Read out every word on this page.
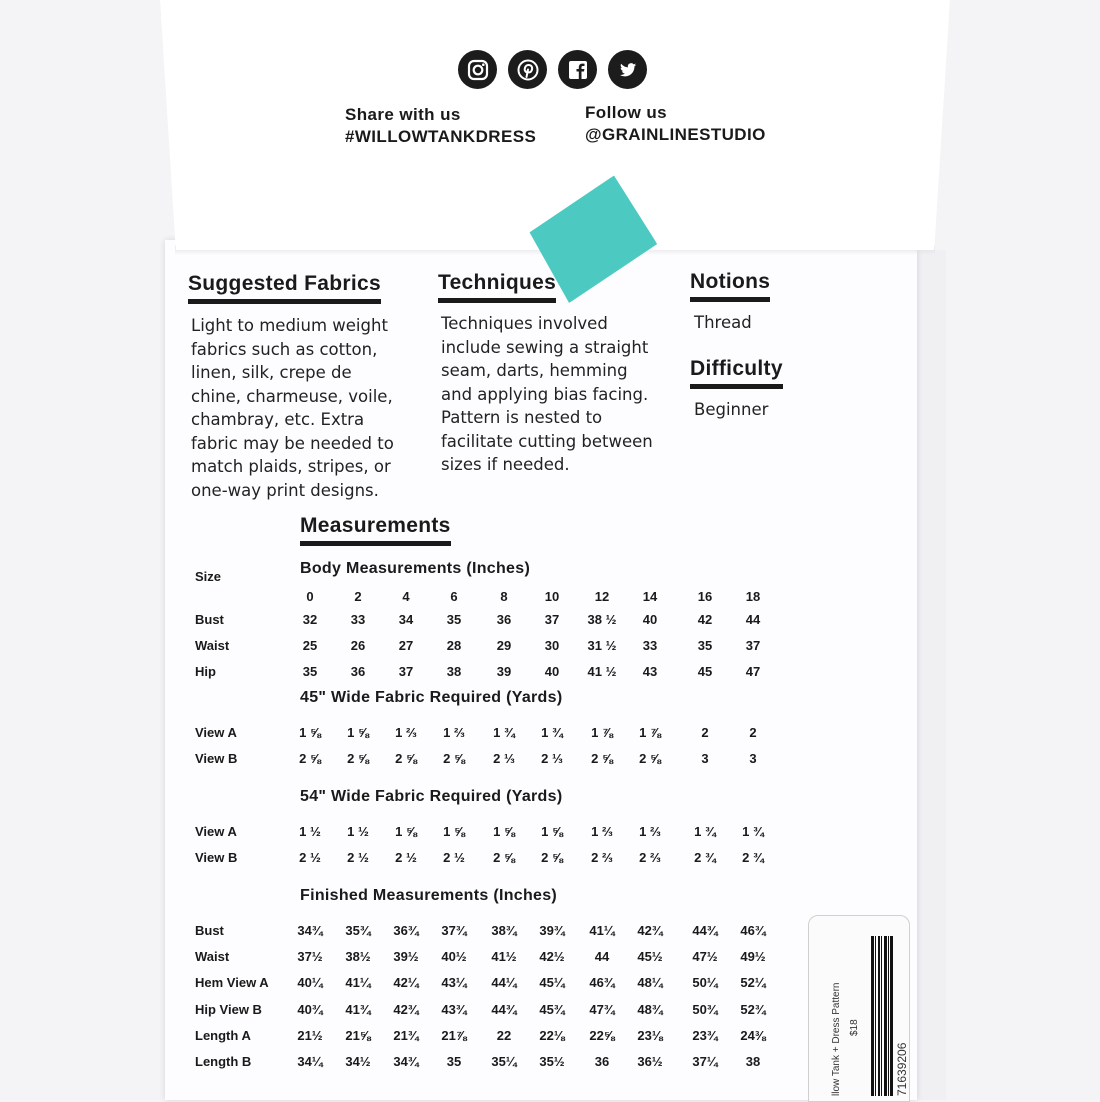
Share with us
#WILLOWTANKDRESS
Follow us
@GRAINLINESTUDIO
Suggested Fabrics
Light to medium weight
fabrics such as cotton,
linen, silk, crepe de
chine, charmeuse, voile,
chambray, etc. Extra
fabric may be needed to
match plaids, stripes, or
one-way print designs.
Techniques
Techniques involved
include sewing a straight
seam, darts, hemming
and applying bias facing.
Pattern is nested to
facilitate cutting between
sizes if needed.
Notions
Thread
Difficulty
Beginner
Measurements
Size	Body Measurements (Inches)
45" Wide Fabric Required (Yards)
54" Wide Fabric Required (Yards)
Finished Measurements (Inches)
0	2	4	6	8	10	12	14	16	18
Bust	32	33	34	35	36	37	38 ½	40	42	44
Waist	25	26	27	28	29	30	31 ½	33	35	37
Hip	35	36	37	38	39	40	41 ½	43	45	47
View A	1 ⅝	1 ⅝	1 ⅔	1 ⅔	1 ¾	1 ¾	1 ⅞	1 ⅞	2	2
View B	2 ⅝	2 ⅝	2 ⅝	2 ⅝	2 ⅓	2 ⅓	2 ⅝	2 ⅝	3	3
View A	1 ½	1 ½	1 ⅝	1 ⅝	1 ⅝	1 ⅝	1 ⅔	1 ⅔	1 ¾	1 ¾
View B	2 ½	2 ½	2 ½	2 ½	2 ⅝	2 ⅝	2 ⅔	2 ⅔	2 ¾	2 ¾
Bust	34¾	35¾	36¾	37¾	38¾	39¾	41¼	42¾	44¾	46¾
Waist	37½	38½	39½	40½	41½	42½	44	45½	47½	49½
Hem View A	40¼	41¼	42¼	43¼	44¼	45¼	46¾	48¼	50¼	52¼
Hip View B	40¾	41¾	42¾	43¾	44¾	45¾	47¾	48¾	50¾	52¾
Length A	21½	21⅝	21¾	21⅞	22	22⅛	22⅝	23⅛	23¾	24⅜
Length B	34¼	34½	34¾	35	35¼	35½	36	36½	37¼	38	llow Tank + Dress Pattern $18
71639206
